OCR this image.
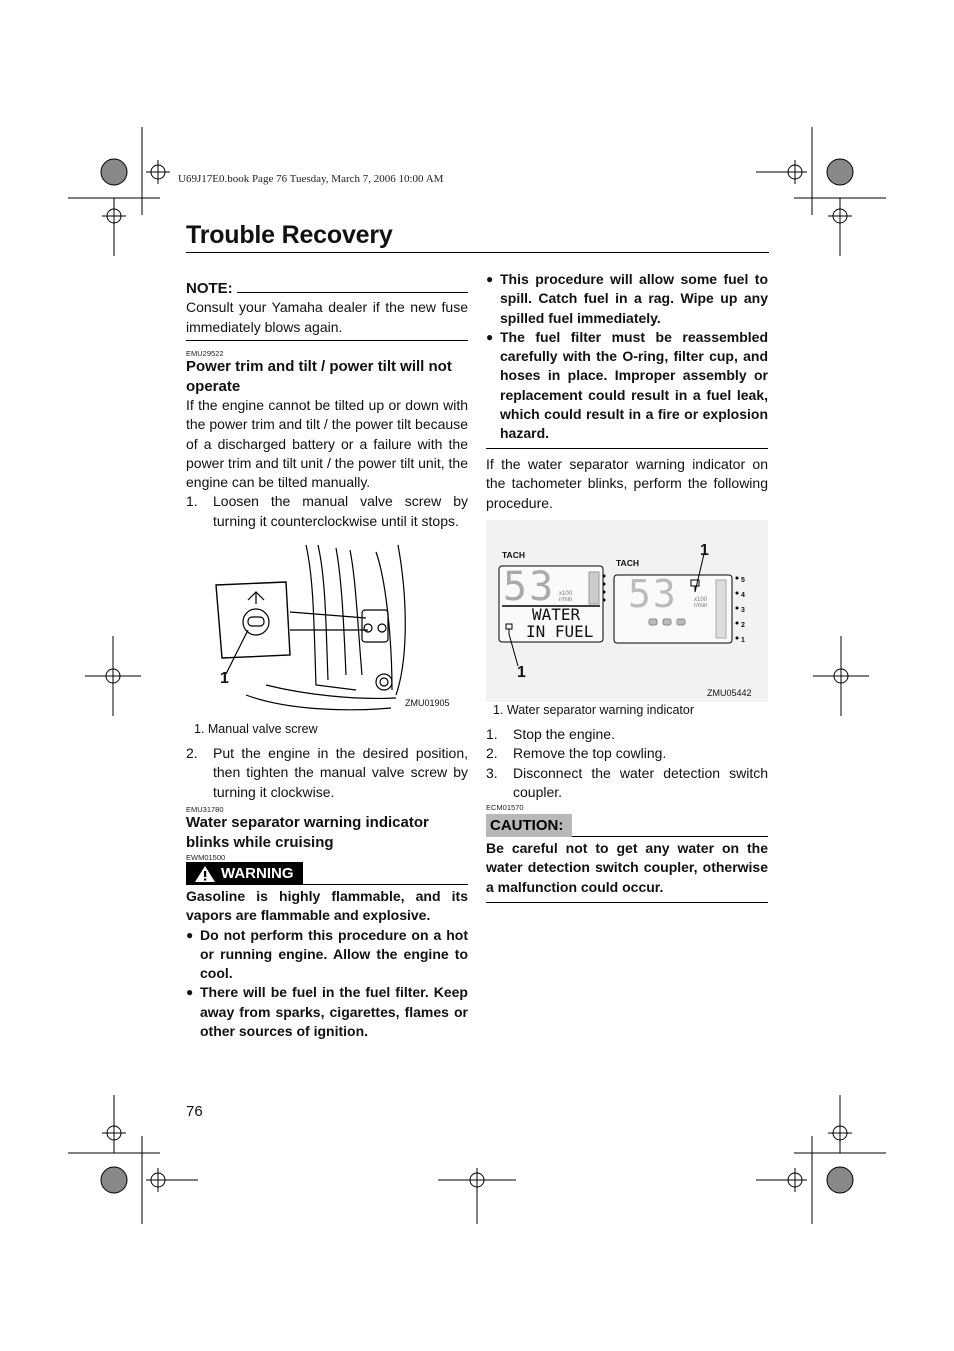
U69J17E0.book Page 76 Tuesday, March 7, 2006 10:00 AM
Trouble Recovery
NOTE:
Consult your Yamaha dealer if the new fuse immediately blows again.
EMU29522
Power trim and tilt / power tilt will not operate
If the engine cannot be tilted up or down with the power trim and tilt / the power tilt because of a discharged battery or a failure with the power trim and tilt unit / the power tilt unit, the engine can be tilted manually.
1.	Loosen the manual valve screw by turning it counterclockwise until it stops.
1
ZMU01905
1. Manual valve screw
2.	Put the engine in the desired position, then tighten the manual valve screw by turning it clockwise.
EMU31780
Water separator warning indicator blinks while cruising
EWM01500
WARNING
Gasoline is highly flammable, and its vapors are flammable and explosive.
● Do not perform this procedure on a hot or running engine. Allow the engine to cool.
● There will be fuel in the fuel filter. Keep away from sparks, cigarettes, flames or other sources of ignition.
● This procedure will allow some fuel to spill. Catch fuel in a rag. Wipe up any spilled fuel immediately.
● The fuel filter must be reassembled carefully with the O-ring, filter cup, and hoses in place. Improper assembly or replacement could result in a fuel leak, which could result in a fire or explosion hazard.
If the water separator warning indicator on the tachometer blinks, perform the following procedure.
TACH
TACH
53 53
x100
r/min	x100
r/min
WATER
IN FUEL
1
1
5
4
3
2
1
ZMU05442
1. Water separator warning indicator
1.	Stop the engine.
2.	Remove the top cowling.
3.	Disconnect the water detection switch coupler.
ECM01570
CAUTION:
Be careful not to get any water on the water detection switch coupler, otherwise a malfunction could occur.
76
